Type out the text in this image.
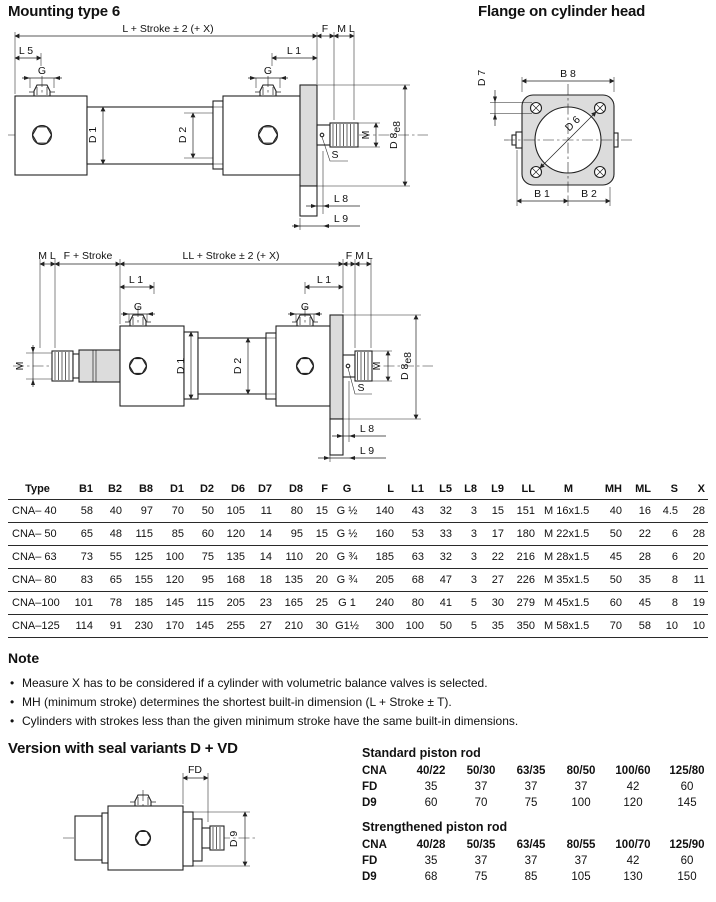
Mounting type 6	Flange on cylinder head
L + Stroke ± 2 (+ X)	F M L
L 5	L 1
G	G
D 1	D 2
S
M D 8e8
L 8
L 9
D 6
B 8
D 7
B 1	B 2
M L F + Stroke	LL + Stroke ± 2 (+ X)	F M L
L 1	L 1
G	G
M	D 1	D 2
S
M D 8e8
L 8
L 9
Type	B1	B2	B8	D1	D2	D6	D7	D8	F	G	L	L1	L5	L8	L9	LL	M	MH	ML	S	X
CNA– 40	58	40	97	70	50	105	11	80	15	G ½	140	43	32	3	15	151	M 16x1.5	40	16	4.5	28
CNA– 50	65	48	115	85	60	120	14	95	15	G ½	160	53	33	3	17	180	M 22x1.5	50	22	6	28
CNA– 63	73	55	125	100	75	135	14	110	20	G ¾	185	63	32	3	22	216	M 28x1.5	45	28	6	20
CNA– 80	83	65	155	120	95	168	18	135	20	G ¾	205	68	47	3	27	226	M 35x1.5	50	35	8	11
CNA–100	101	78	185	145	115	205	23	165	25	G 1	240	80	41	5	30	279	M 45x1.5	60	45	8	19
CNA–125	114	91	230	170	145	255	27	210	30	G1½	300	100	50	5	35	350	M 58x1.5	70	58	10	10
Note
• Measure X has to be considered if a cylinder with volumetric balance valves is selected.
• MH (minimum stroke) determines the shortest built-in dimension (L + Stroke ± T).
• Cylinders with strokes less than the given minimum stroke have the same built-in dimensions.
Version with seal variants D + VD
FD
D 9

Standard piston rod

CNA	40/22	50/30	63/35	80/50	100/60	125/80
FD	35	37	37	37	42	60
D9	60	70	75	100	120	145

Strengthened piston rod

CNA	40/28	50/35	63/45	80/55	100/70	125/90
FD	35	37	37	37	42	60
D9	68	75	85	105	130	150
